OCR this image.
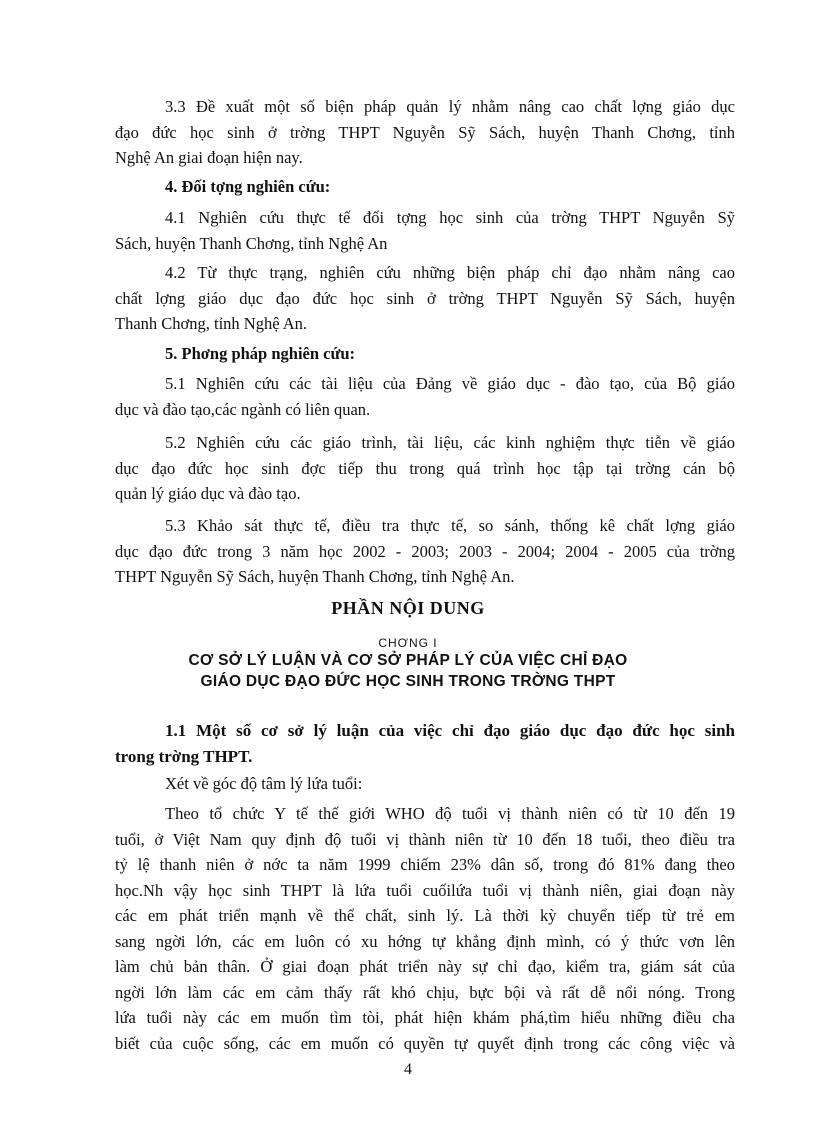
3.3 Đề xuất một số biện pháp quản lý nhằm nâng cao chất lợng giáo dục
đạo đức học sinh ở trờng THPT Nguyễn Sỹ Sách, huyện Thanh Chơng, tỉnh
Nghệ An giai đoạn hiện nay.
4. Đối tợng nghiên cứu:
4.1 Nghiên cứu thực tế đối tợng học sinh của trờng THPT Nguyễn Sỹ
Sách, huyện Thanh Chơng, tỉnh Nghệ An
4.2 Từ thực trạng, nghiên cứu những biện pháp chỉ đạo nhằm nâng cao
chất lợng giáo dục đạo đức học sinh ở trờng THPT Nguyễn Sỹ Sách, huyện
Thanh Chơng, tỉnh Nghệ An.
5. Phơng pháp nghiên cứu:
5.1 Nghiên cứu các tài liệu của Đảng về giáo dục - đào tạo, của Bộ giáo
dục và đào tạo,các ngành có liên quan.
5.2 Nghiên cứu các giáo trình, tài liệu, các kinh nghiệm thực tiễn về giáo
dục đạo đức học sinh đợc tiếp thu trong quá trình học tập tại trờng cán bộ
quản lý giáo dục và đào tạo.
5.3 Khảo sát thực tế, điều tra thực tế, so sánh, thống kê chất lợng giáo
dục đạo đức trong 3 năm học 2002 - 2003; 2003 - 2004; 2004 - 2005 của trờng
THPT Nguyễn Sỹ Sách, huyện Thanh Chơng, tỉnh Nghệ An.
PHẦN NỘI DUNG
CHƠNG I
CƠ SỞ LÝ LUẬN VÀ CƠ SỞ PHÁP LÝ CỦA VIỆC CHỈ ĐẠO
GIÁO DỤC ĐẠO ĐỨC HỌC SINH TRONG TRỜNG THPT
1.1 Một số cơ sở lý luận của việc chỉ đạo giáo dục đạo đức học sinh
trong trờng THPT.
Xét về góc độ tâm lý lứa tuổi:
Theo tổ chức Y tế thế giới WHO độ tuổi vị thành niên có từ 10 đến 19
tuổi, ở Việt Nam quy định độ tuổi vị thành niên từ 10 đến 18 tuổi, theo điều tra
tỷ lệ thanh niên ở nớc ta năm 1999 chiếm 23% dân số, trong đó 81% đang theo
học.Nh vậy học sinh THPT là lứa tuổi cuốilứa tuổi vị thành niên, giai đoạn này
các em phát triển mạnh về thể chất, sinh lý. Là thời kỳ chuyển tiếp từ trẻ em
sang ngời lớn, các em luôn có xu hớng tự khẳng định mình, có ý thức vơn lên
làm chủ bản thân. Ở giai đoạn phát triển này sự chỉ đạo, kiểm tra, giám sát của
ngời lớn làm các em cảm thấy rất khó chịu, bực bội và rất dễ nổi nóng. Trong
lứa tuổi này các em muốn tìm tòi, phát hiện khám phá,tìm hiểu những điều cha
biết của cuộc sống, các em muốn có quyền tự quyết định trong các công việc và
4
